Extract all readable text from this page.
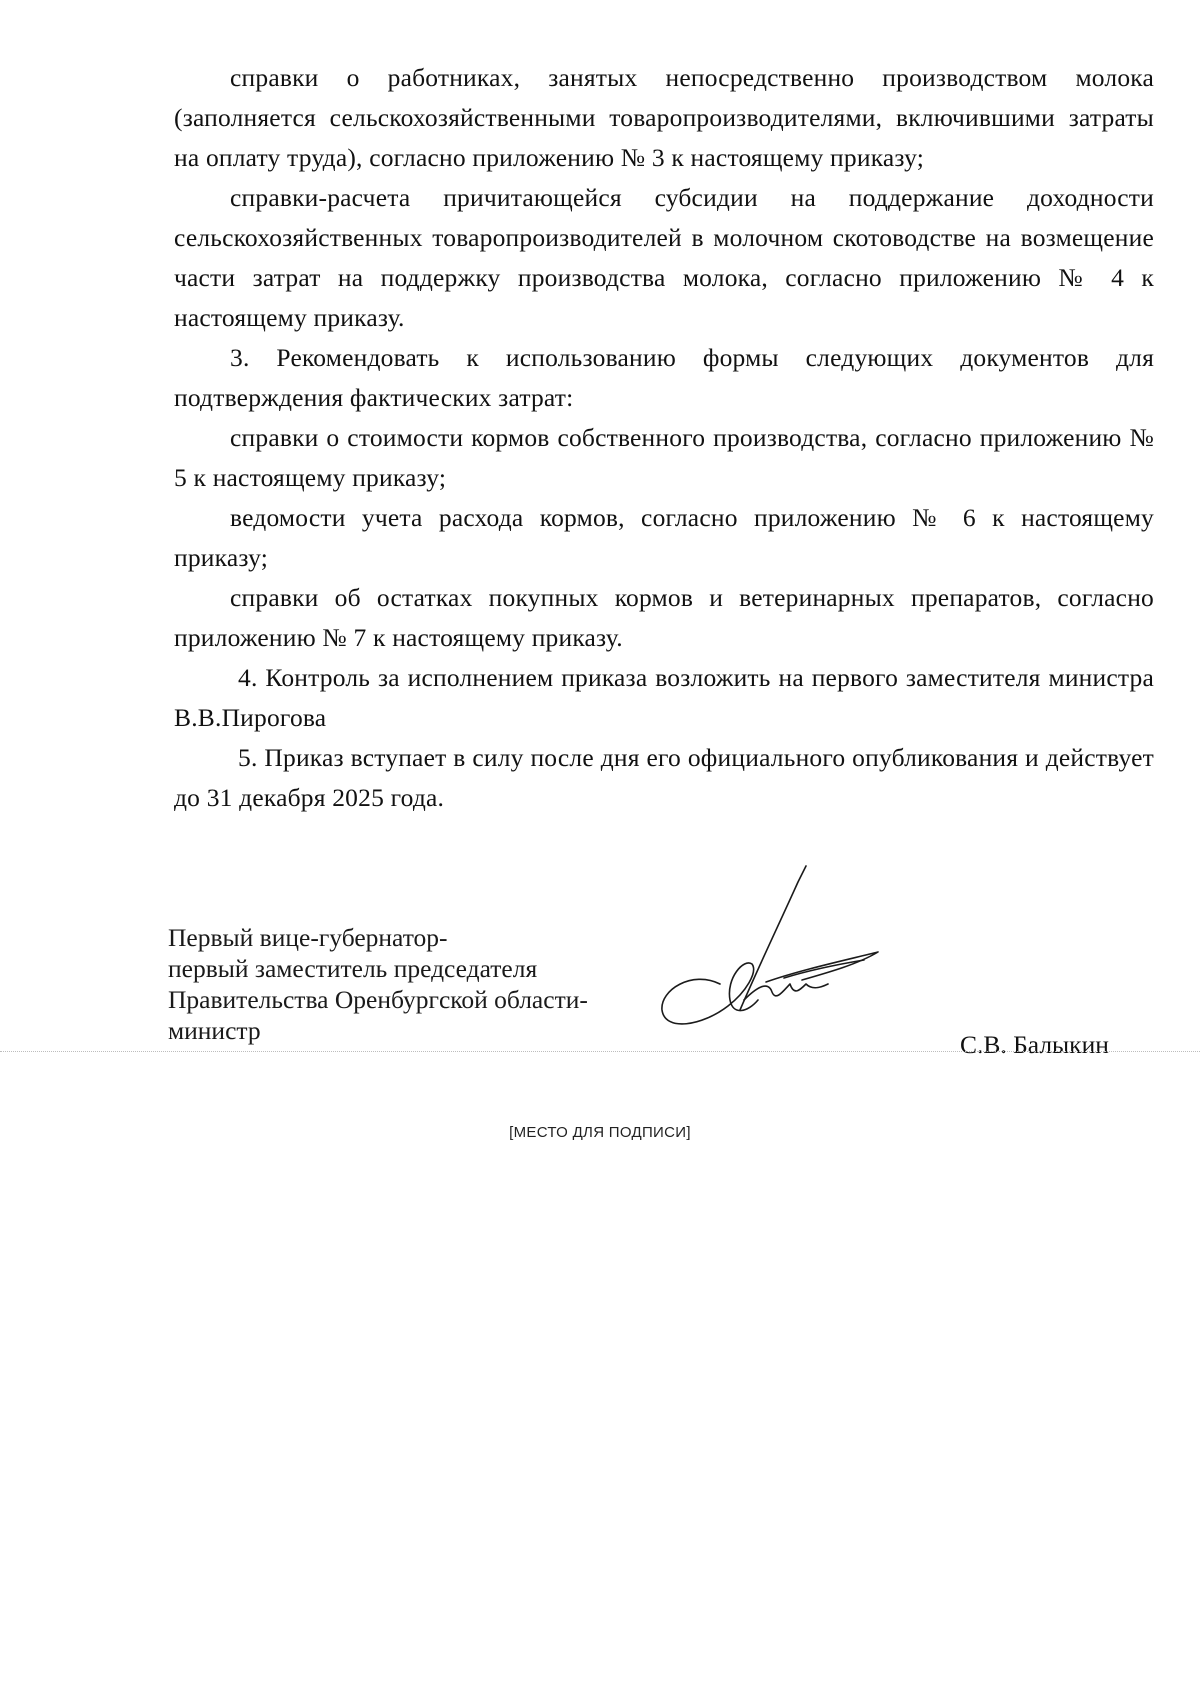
справки о работниках, занятых непосредственно производством молока (заполняется сельскохозяйственными товаропроизводителями, включившими затраты на оплату труда), согласно приложению № 3 к настоящему приказу;

справки-расчета причитающейся субсидии на поддержание доходности сельскохозяйственных товаропроизводителей в молочном скотоводстве на возмещение части затрат на поддержку производства молока, согласно приложению № 4 к настоящему приказу.

3. Рекомендовать к использованию формы следующих документов для подтверждения фактических затрат:

справки о стоимости кормов собственного производства, согласно приложению № 5 к настоящему приказу;

ведомости учета расхода кормов, согласно приложению № 6 к настоящему приказу;

справки об остатках покупных кормов и ветеринарных препаратов, согласно приложению № 7 к настоящему приказу.

4. Контроль за исполнением приказа возложить на первого заместителя министра В.В.Пирогова

5. Приказ вступает в силу после дня его официального опубликования и действует до 31 декабря 2025 года.

Первый вице-губернатор-
первый заместитель председателя
Правительства Оренбургской области-
министр	С.В. Балыкин
[МЕСТО ДЛЯ ПОДПИСИ]
